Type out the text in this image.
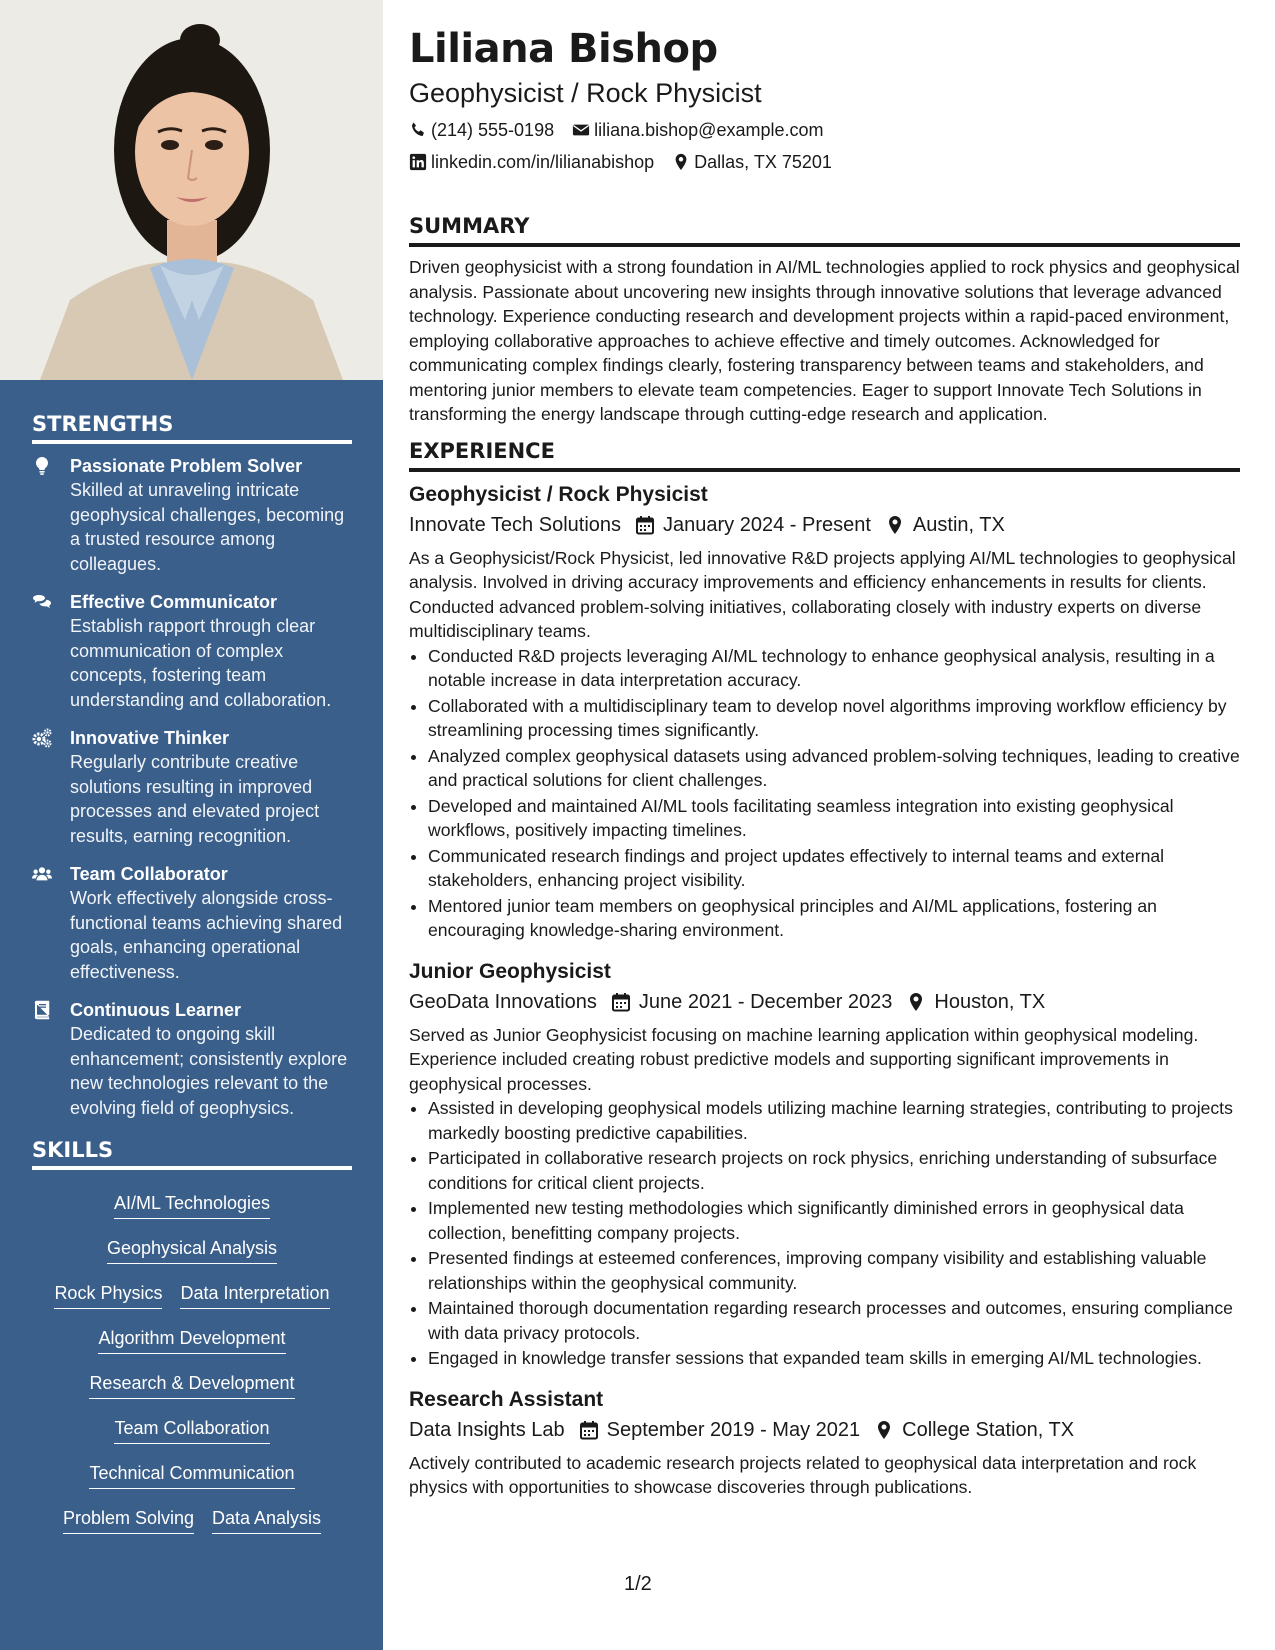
STRENGTHS
Passionate Problem Solver
Skilled at unraveling intricate geophysical challenges, becoming a trusted resource among colleagues.
Effective Communicator
Establish rapport through clear communication of complex concepts, fostering team understanding and collaboration.
Innovative Thinker
Regularly contribute creative solutions resulting in improved processes and elevated project results, earning recognition.
Team Collaborator
Work effectively alongside cross-functional teams achieving shared goals, enhancing operational effectiveness.
Continuous Learner
Dedicated to ongoing skill enhancement; consistently explore new technologies relevant to the evolving field of geophysics.
SKILLS
AI/ML Technologies
Geophysical Analysis
Rock Physics Data Interpretation
Algorithm Development
Research & Development
Team Collaboration
Technical Communication
Problem Solving Data Analysis
Liliana Bishop
Geophysicist / Rock Physicist
(214) 555-0198 liliana.bishop@example.com
linkedin.com/in/lilianabishop Dallas, TX 75201
SUMMARY

Driven geophysicist with a strong foundation in AI/ML technologies applied to rock physics and geophysical analysis. Passionate about uncovering new insights through innovative solutions that leverage advanced technology. Experience conducting research and development projects within a rapid-paced environment, employing collaborative approaches to achieve effective and timely outcomes. Acknowledged for communicating complex findings clearly, fostering transparency between teams and stakeholders, and mentoring junior members to elevate team competencies. Eager to support Innovate Tech Solutions in transforming the energy landscape through cutting-edge research and application.

EXPERIENCE
Geophysicist / Rock Physicist
Innovate Tech Solutions January 2024 - Present Austin, TX

As a Geophysicist/Rock Physicist, led innovative R&D projects applying AI/ML technologies to geophysical analysis. Involved in driving accuracy improvements and efficiency enhancements in results for clients. Conducted advanced problem-solving initiatives, collaborating closely with industry experts on diverse multidisciplinary teams.

• Conducted R&D projects leveraging AI/ML technology to enhance geophysical analysis, resulting in a notable increase in data interpretation accuracy.
• Collaborated with a multidisciplinary team to develop novel algorithms improving workflow efficiency by streamlining processing times significantly.
• Analyzed complex geophysical datasets using advanced problem-solving techniques, leading to creative and practical solutions for client challenges.
• Developed and maintained AI/ML tools facilitating seamless integration into existing geophysical workflows, positively impacting timelines.
• Communicated research findings and project updates effectively to internal teams and external stakeholders, enhancing project visibility.
• Mentored junior team members on geophysical principles and AI/ML applications, fostering an encouraging knowledge-sharing environment.
Junior Geophysicist
GeoData Innovations June 2021 - December 2023 Houston, TX

Served as Junior Geophysicist focusing on machine learning application within geophysical modeling. Experience included creating robust predictive models and supporting significant improvements in geophysical processes.

• Assisted in developing geophysical models utilizing machine learning strategies, contributing to projects markedly boosting predictive capabilities.
• Participated in collaborative research projects on rock physics, enriching understanding of subsurface conditions for critical client projects.
• Implemented new testing methodologies which significantly diminished errors in geophysical data collection, benefitting company projects.
• Presented findings at esteemed conferences, improving company visibility and establishing valuable relationships within the geophysical community.
• Maintained thorough documentation regarding research processes and outcomes, ensuring compliance with data privacy protocols.
• Engaged in knowledge transfer sessions that expanded team skills in emerging AI/ML technologies.
Research Assistant
Data Insights Lab September 2019 - May 2021 College Station, TX

Actively contributed to academic research projects related to geophysical data interpretation and rock physics with opportunities to showcase discoveries through publications.

1/2
